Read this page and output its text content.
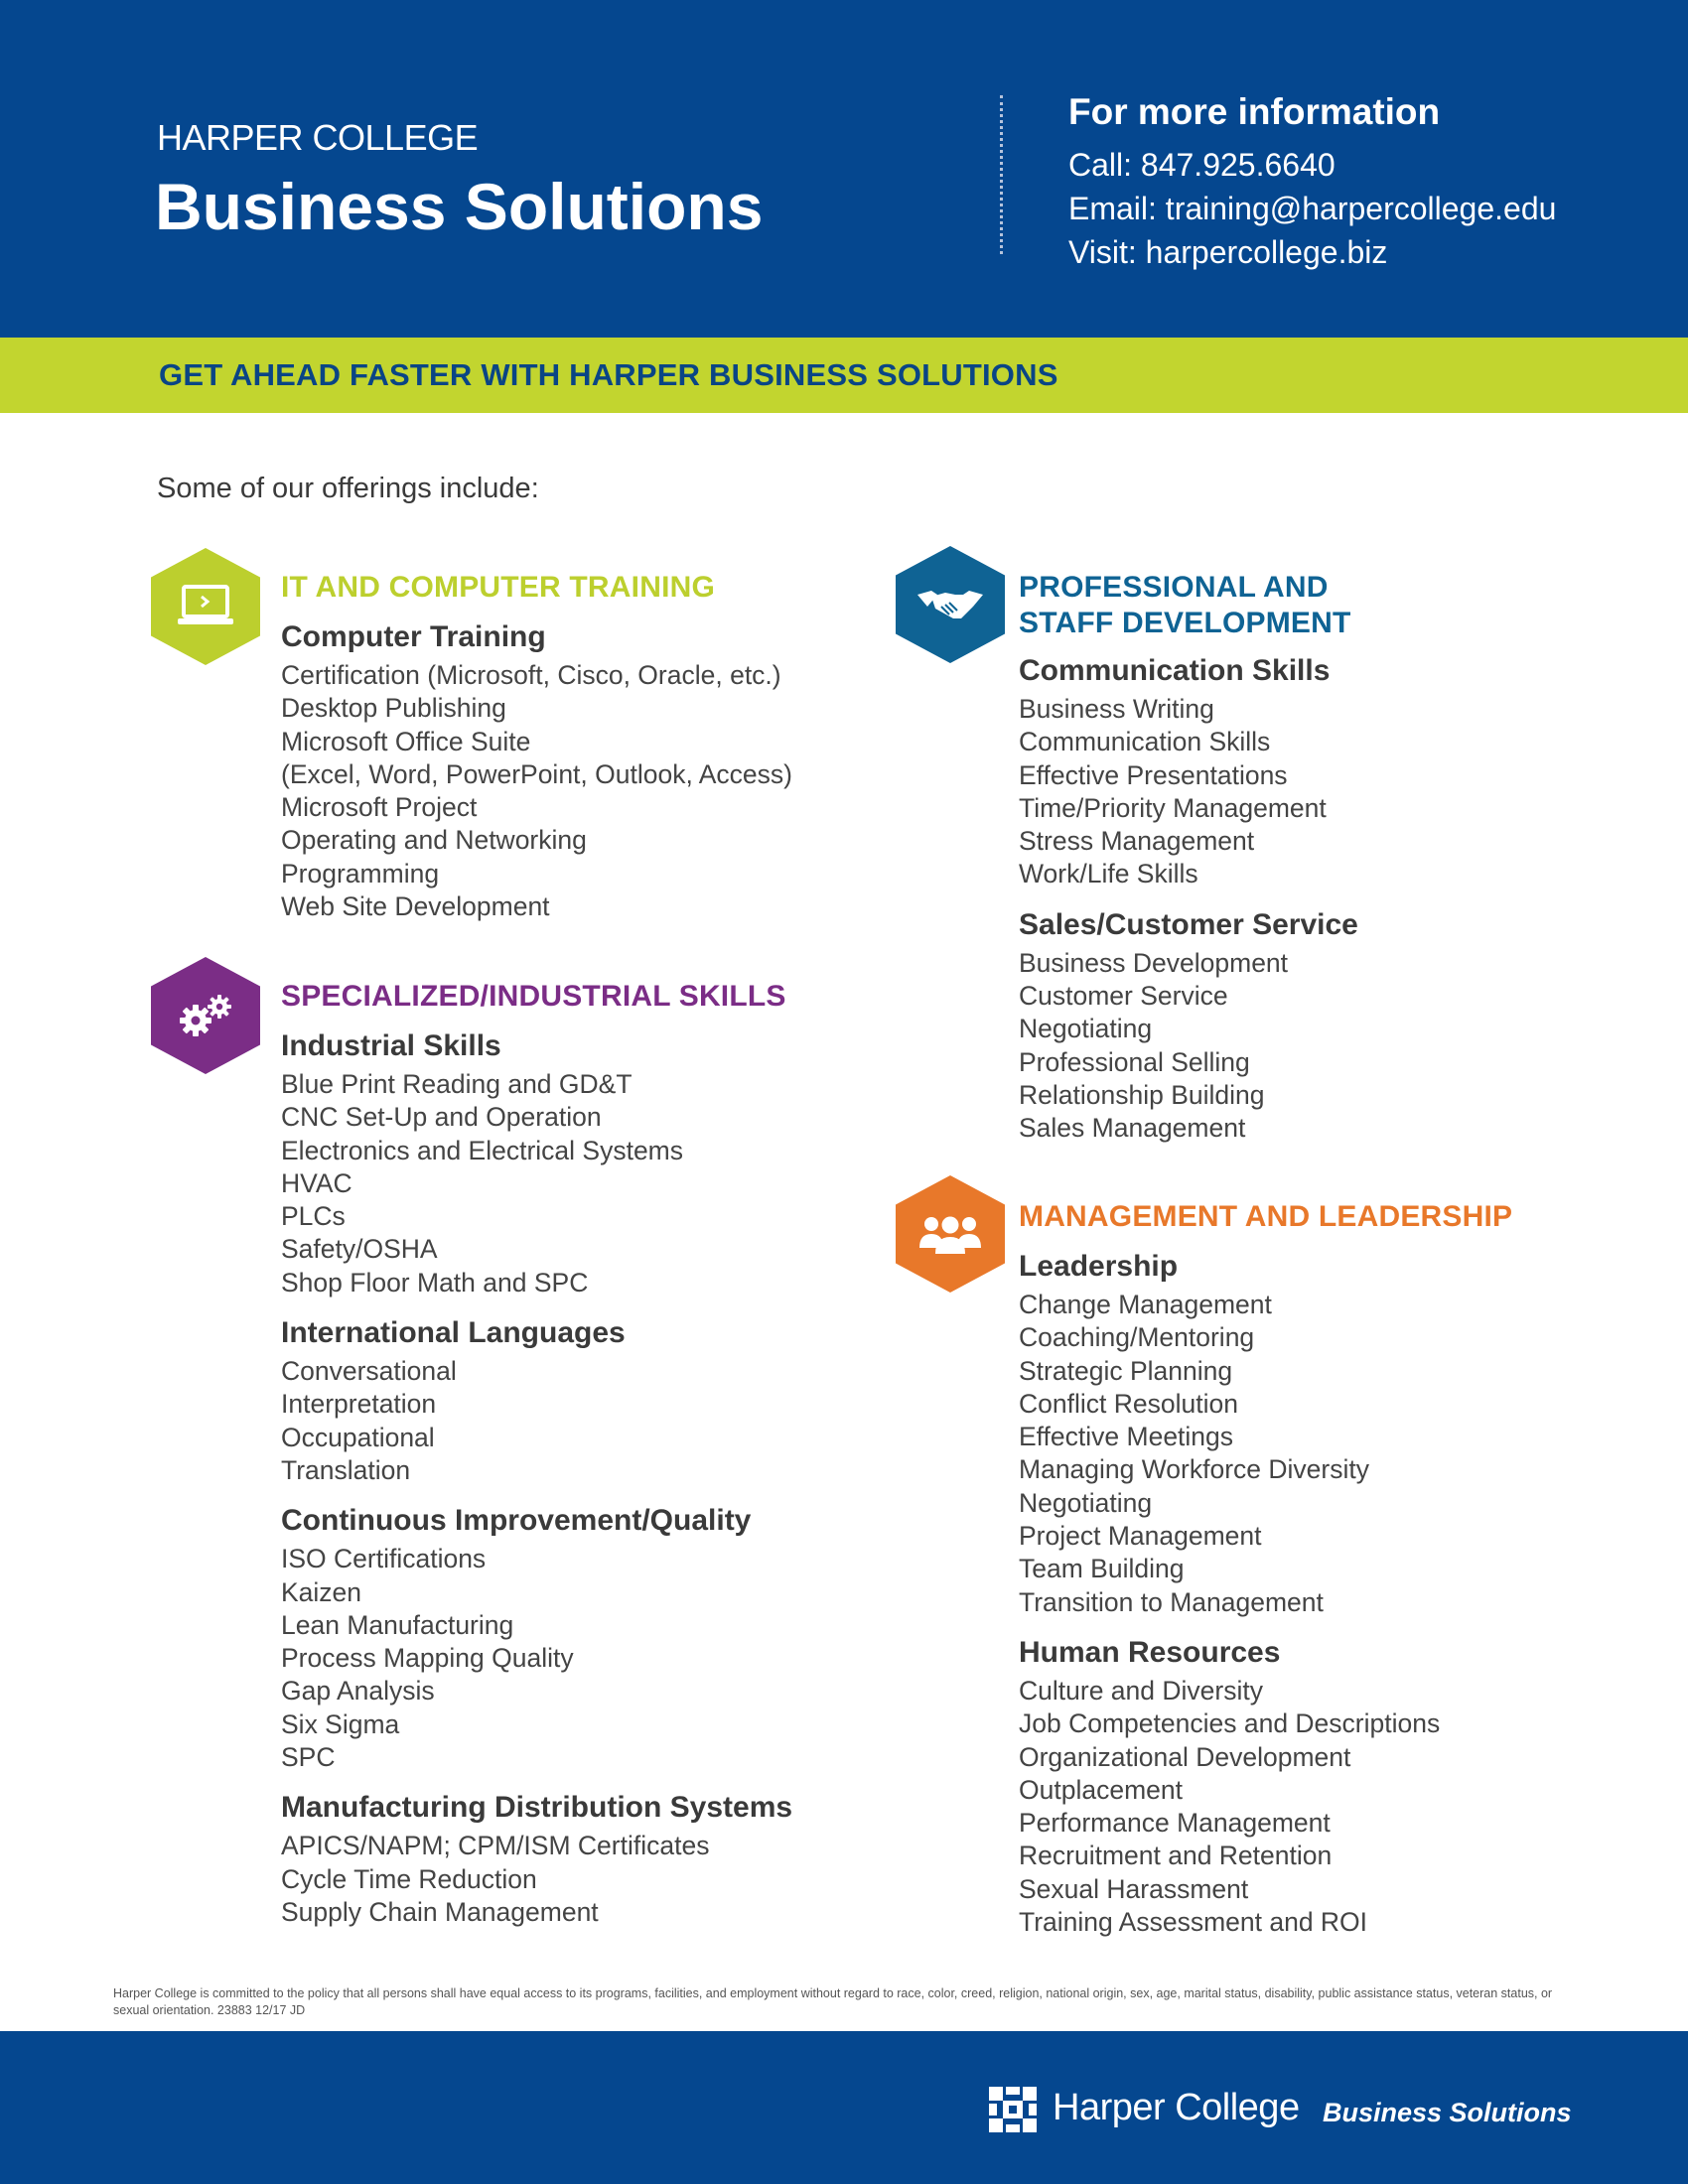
HARPER COLLEGE
Business Solutions
For more information
Call: 847.925.6640
Email: training@harpercollege.edu
Visit: harpercollege.biz
GET AHEAD FASTER WITH HARPER BUSINESS SOLUTIONS
Some of our offerings include:
IT AND COMPUTER TRAINING
Computer Training
Certification (Microsoft, Cisco, Oracle, etc.)
Desktop Publishing
Microsoft Office Suite
(Excel, Word, PowerPoint, Outlook, Access)
Microsoft Project
Operating and Networking
Programming
Web Site Development
SPECIALIZED/INDUSTRIAL SKILLS
Industrial Skills
Blue Print Reading and GD&T
CNC Set-Up and Operation
Electronics and Electrical Systems
HVAC
PLCs
Safety/OSHA
Shop Floor Math and SPC
International Languages
Conversational
Interpretation
Occupational
Translation
Continuous Improvement/Quality
ISO Certifications
Kaizen
Lean Manufacturing
Process Mapping Quality
Gap Analysis
Six Sigma
SPC
Manufacturing Distribution Systems
APICS/NAPM; CPM/ISM Certificates
Cycle Time Reduction
Supply Chain Management
PROFESSIONAL AND
STAFF DEVELOPMENT
Communication Skills
Business Writing
Communication Skills
Effective Presentations
Time/Priority Management
Stress Management
Work/Life Skills
Sales/Customer Service
Business Development
Customer Service
Negotiating
Professional Selling
Relationship Building
Sales Management
MANAGEMENT AND LEADERSHIP
Leadership
Change Management
Coaching/Mentoring
Strategic Planning
Conflict Resolution
Effective Meetings
Managing Workforce Diversity
Negotiating
Project Management
Team Building
Transition to Management
Human Resources
Culture and Diversity
Job Competencies and Descriptions
Organizational Development
Outplacement
Performance Management
Recruitment and Retention
Sexual Harassment
Training Assessment and ROI
Harper College is committed to the policy that all persons shall have equal access to its programs, facilities, and employment without regard to race, color, creed, religion, national origin, sex, age, marital status, disability, public assistance status, veteran status, or sexual orientation. 23883 12/17 JD
Harper College Business Solutions
